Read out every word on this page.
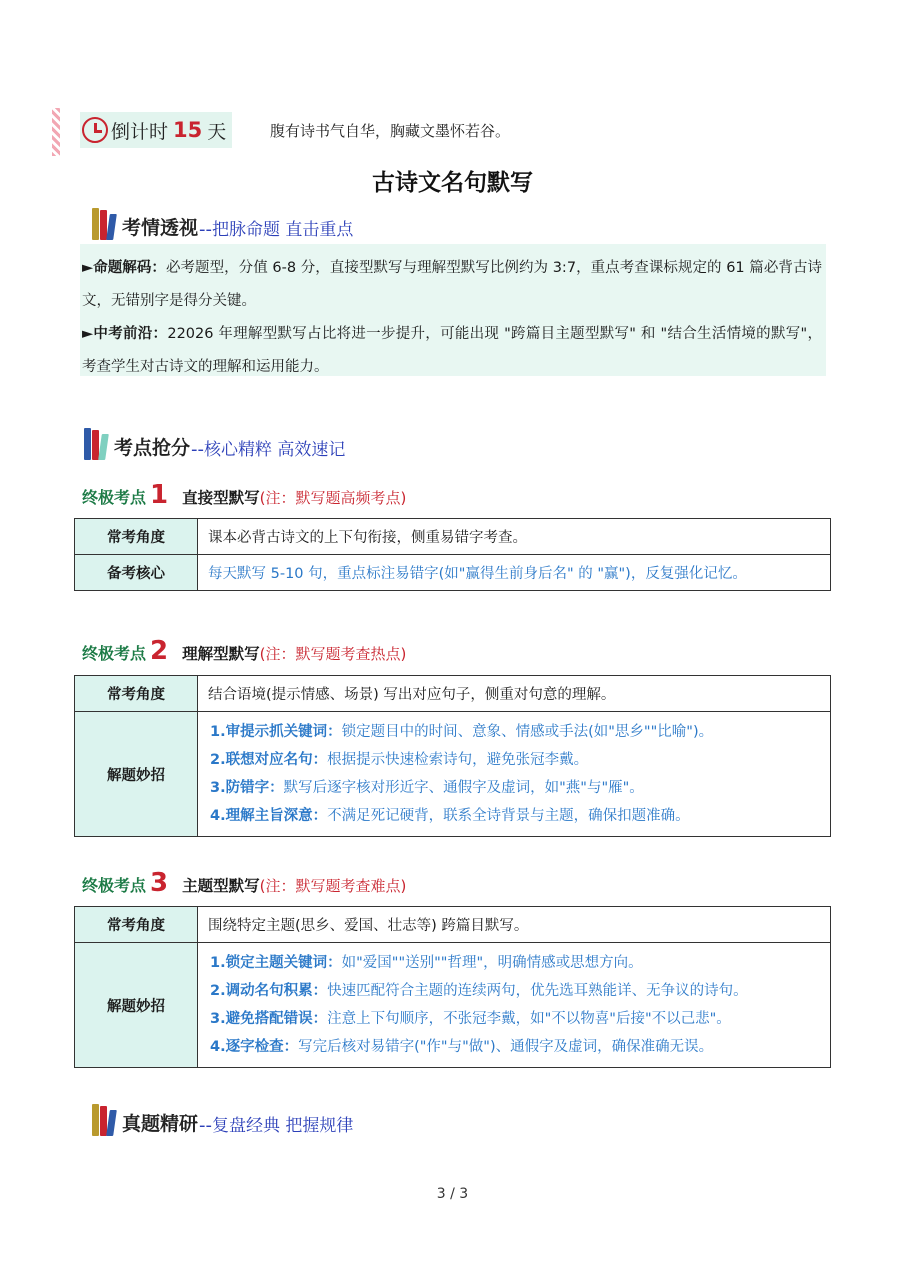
倒计时 15 天	腹有诗书气自华，胸藏文墨怀若谷。
古诗文名句默写
考情透视 -- 把脉命题 直击重点

►命题解码：必考题型，分值 6-8 分，直接型默写与理解型默写比例约为 3:7，重点考查课标规定的 61 篇必背古诗文，无错别字是得分关键。

►中考前沿：22026 年理解型默写占比将进一步提升，可能出现 "跨篇目主题型默写" 和 "结合生活情境的默写"，考查学生对古诗文的理解和运用能力。

考点抢分 -- 核心精粹 高效速记
终极考点 1 直接型默写 (注：默写题高频考点)
常考角度	课本必背古诗文的上下句衔接，侧重易错字考查。
备考核心	每天默写 5-10 句，重点标注易错字(如"赢得生前身后名" 的 "赢")，反复强化记忆。
终极考点 2 理解型默写 (注：默写题考查热点)
常考角度	结合语境(提示情感、场景) 写出对应句子，侧重对句意的理解。
解题妙招	1.审提示抓关键词：锁定题目中的时间、意象、情感或手法(如"思乡""比喻")。
2.联想对应名句：根据提示快速检索诗句，避免张冠李戴。
3.防错字：默写后逐字核对形近字、通假字及虚词，如"燕"与"雁"。
4.理解主旨深意：不满足死记硬背，联系全诗背景与主题，确保扣题准确。
终极考点 3 主题型默写 (注：默写题考查难点)
常考角度	围绕特定主题(思乡、爱国、壮志等) 跨篇目默写。
解题妙招	1.锁定主题关键词：如"爱国""送别""哲理"，明确情感或思想方向。
2.调动名句积累：快速匹配符合主题的连续两句，优先选耳熟能详、无争议的诗句。
3.避免搭配错误：注意上下句顺序，不张冠李戴，如"不以物喜"后接"不以己悲"。
4.逐字检查：写完后核对易错字("作"与"做")、通假字及虚词，确保准确无误。
真题精研 -- 复盘经典 把握规律
3 / 3
